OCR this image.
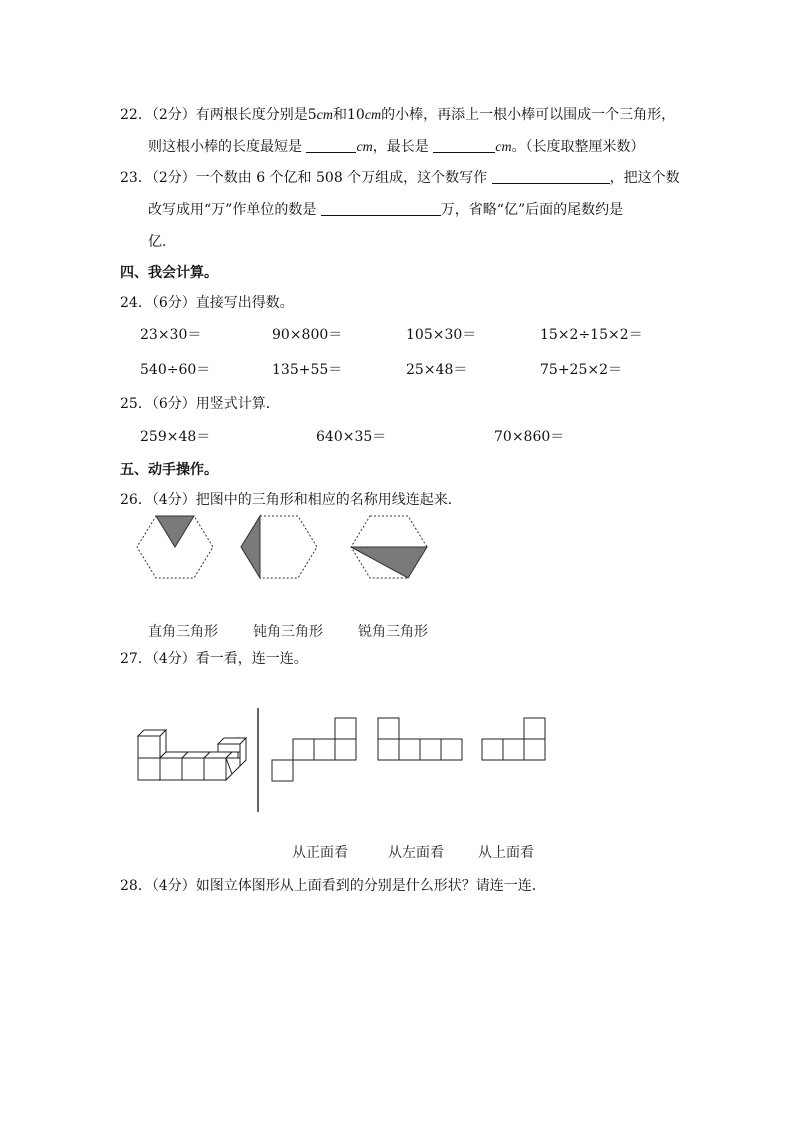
22．（2分）有两根长度分别是5cm和10cm的小棒，再添上一根小棒可以围成一个三角形，
则这根小棒的长度最短是	cm，最长是	cm。（长度取整厘米数）
23．（2分）一个数由 6 个亿和 508 个万组成，这个数写作	，把这个数
改写成用“万”作单位的数是	万，省略“亿”后面的尾数约是
亿．
四、我会计算。
24．（6分）直接写出得数。
23×30＝	90×800＝	105×30＝	15×2÷15×2＝
540÷60＝	135+55＝	25×48＝	75+25×2＝
25．（6分）用竖式计算．
259×48＝	640×35＝	70×860＝
五、动手操作。
26．（4分）把图中的三角形和相应的名称用线连起来．
直角三角形	钝角三角形	锐角三角形
27．（4分）看一看，连一连。
从正面看	从左面看 从上面看
28．（4分）如图立体图形从上面看到的分别是什么形状？请连一连．
